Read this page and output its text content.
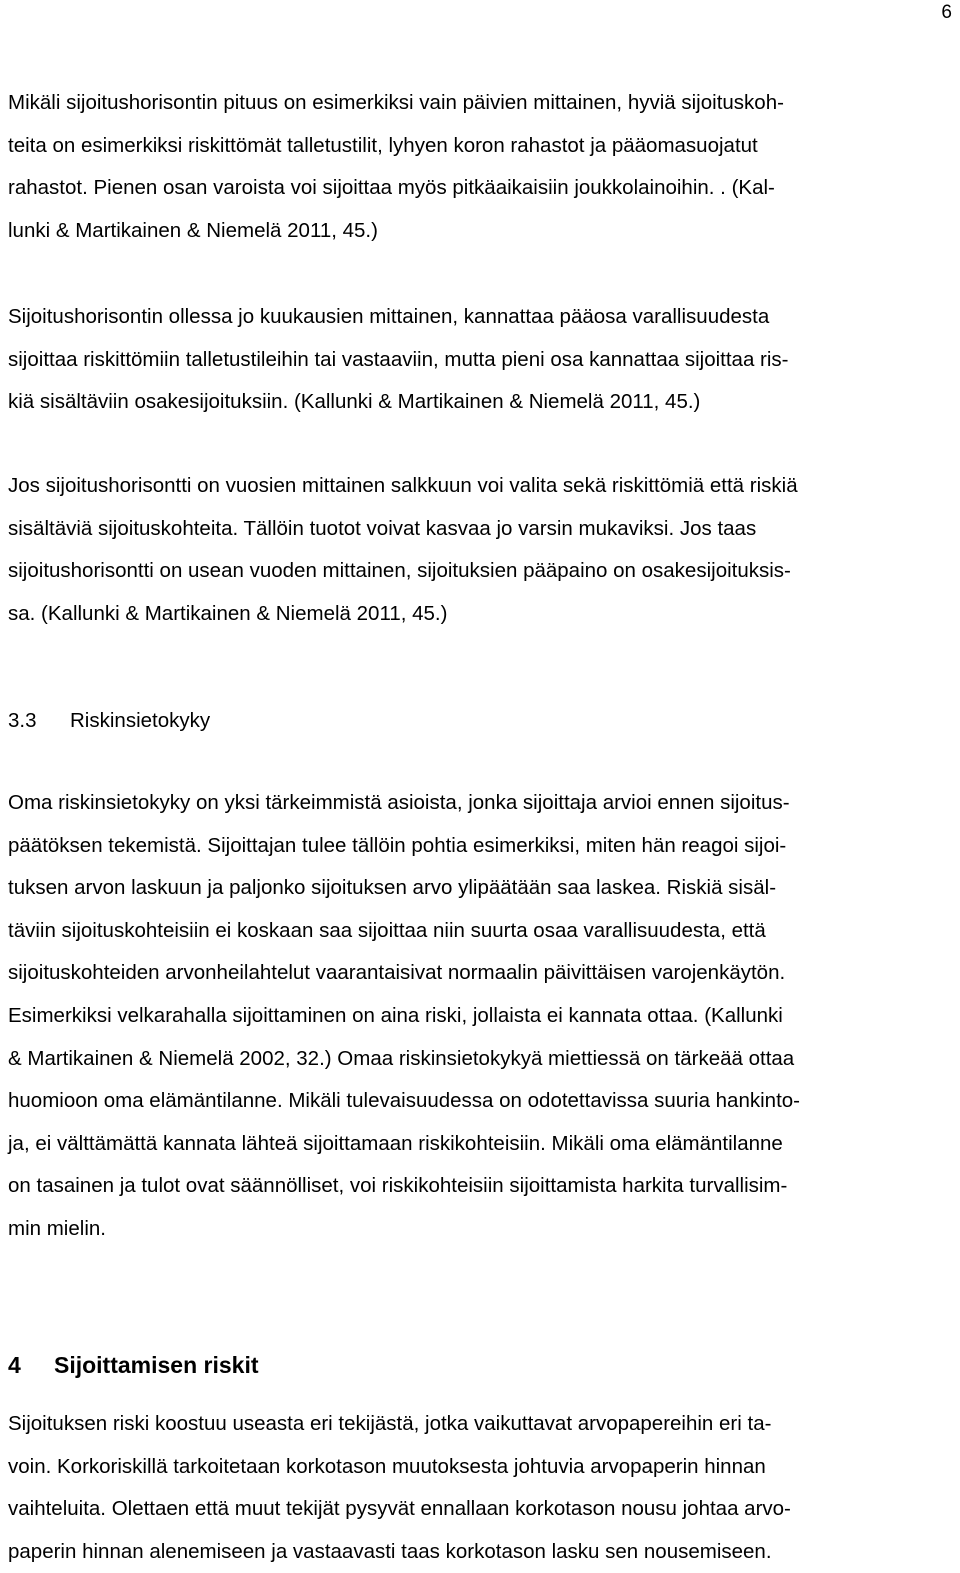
6

Mikäli sijoitushorisontin pituus on esimerkiksi vain päivien mittainen, hyviä sijoituskoh-
teita on esimerkiksi riskittömät talletustilit, lyhyen koron rahastot ja pääomasuojatut
rahastot. Pienen osan varoista voi sijoittaa myös pitkäaikaisiin joukkolainoihin. . (Kal-
lunki & Martikainen & Niemelä 2011, 45.)

Sijoitushorisontin ollessa jo kuukausien mittainen, kannattaa pääosa varallisuudesta
sijoittaa riskittömiin talletustileihin tai vastaaviin, mutta pieni osa kannattaa sijoittaa ris-
kiä sisältäviin osakesijoituksiin. (Kallunki & Martikainen & Niemelä 2011, 45.)

Jos sijoitushorisontti on vuosien mittainen salkkuun voi valita sekä riskittömiä että riskiä
sisältäviä sijoituskohteita. Tällöin tuotot voivat kasvaa jo varsin mukaviksi. Jos taas
sijoitushorisontti on usean vuoden mittainen, sijoituksien pääpaino on osakesijoituksis-
sa. (Kallunki & Martikainen & Niemelä 2011, 45.)

3.3 Riskinsietokyky

Oma riskinsietokyky on yksi tärkeimmistä asioista, jonka sijoittaja arvioi ennen sijoitus-
päätöksen tekemistä. Sijoittajan tulee tällöin pohtia esimerkiksi, miten hän reagoi sijoi-
tuksen arvon laskuun ja paljonko sijoituksen arvo ylipäätään saa laskea. Riskiä sisäl-
täviin sijoituskohteisiin ei koskaan saa sijoittaa niin suurta osaa varallisuudesta, että
sijoituskohteiden arvonheilahtelut vaarantaisivat normaalin päivittäisen varojenkäytön.
Esimerkiksi velkarahalla sijoittaminen on aina riski, jollaista ei kannata ottaa. (Kallunki
& Martikainen & Niemelä 2002, 32.) Omaa riskinsietokykyä miettiessä on tärkeää ottaa
huomioon oma elämäntilanne. Mikäli tulevaisuudessa on odotettavissa suuria hankinto-
ja, ei välttämättä kannata lähteä sijoittamaan riskikohteisiin. Mikäli oma elämäntilanne
on tasainen ja tulot ovat säännölliset, voi riskikohteisiin sijoittamista harkita turvallisim-
min mielin.

4 Sijoittamisen riskit

Sijoituksen riski koostuu useasta eri tekijästä, jotka vaikuttavat arvopapereihin eri ta-
voin. Korkoriskillä tarkoitetaan korkotason muutoksesta johtuvia arvopaperin hinnan
vaihteluita. Olettaen että muut tekijät pysyvät ennallaan korkotason nousu johtaa arvo-
paperin hinnan alenemiseen ja vastaavasti taas korkotason lasku sen nousemiseen.
